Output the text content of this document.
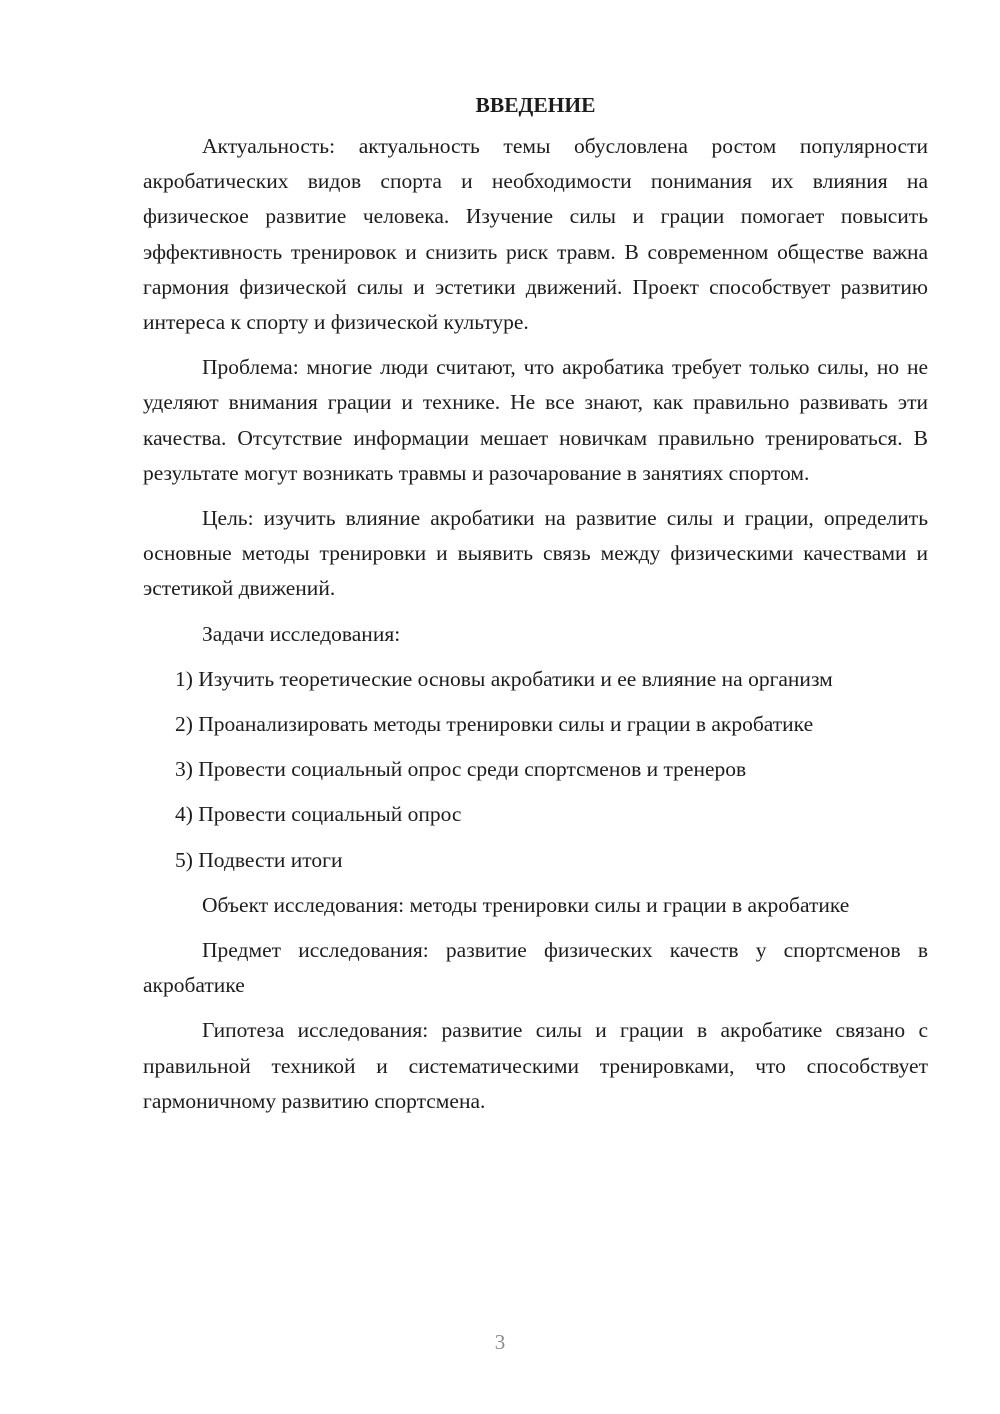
ВВЕДЕНИЕ

Актуальность: актуальность темы обусловлена ростом популярности акробатических видов спорта и необходимости понимания их влияния на физическое развитие человека. Изучение силы и грации помогает повысить эффективность тренировок и снизить риск травм. В современном обществе важна гармония физической силы и эстетики движений. Проект способствует развитию интереса к спорту и физической культуре.

Проблема: многие люди считают, что акробатика требует только силы, но не уделяют внимания грации и технике. Не все знают, как правильно развивать эти качества. Отсутствие информации мешает новичкам правильно тренироваться. В результате могут возникать травмы и разочарование в занятиях спортом.

Цель: изучить влияние акробатики на развитие силы и грации, определить основные методы тренировки и выявить связь между физическими качествами и эстетикой движений.

Задачи исследования:

1) Изучить теоретические основы акробатики и ее влияние на организм

2) Проанализировать методы тренировки силы и грации в акробатике

3) Провести социальный опрос среди спортсменов и тренеров

4) Провести социальный опрос

5) Подвести итоги

Объект исследования: методы тренировки силы и грации в акробатике

Предмет исследования: развитие физических качеств у спортсменов в акробатике

Гипотеза исследования: развитие силы и грации в акробатике связано с правильной техникой и систематическими тренировками, что способствует гармоничному развитию спортсмена.

3
